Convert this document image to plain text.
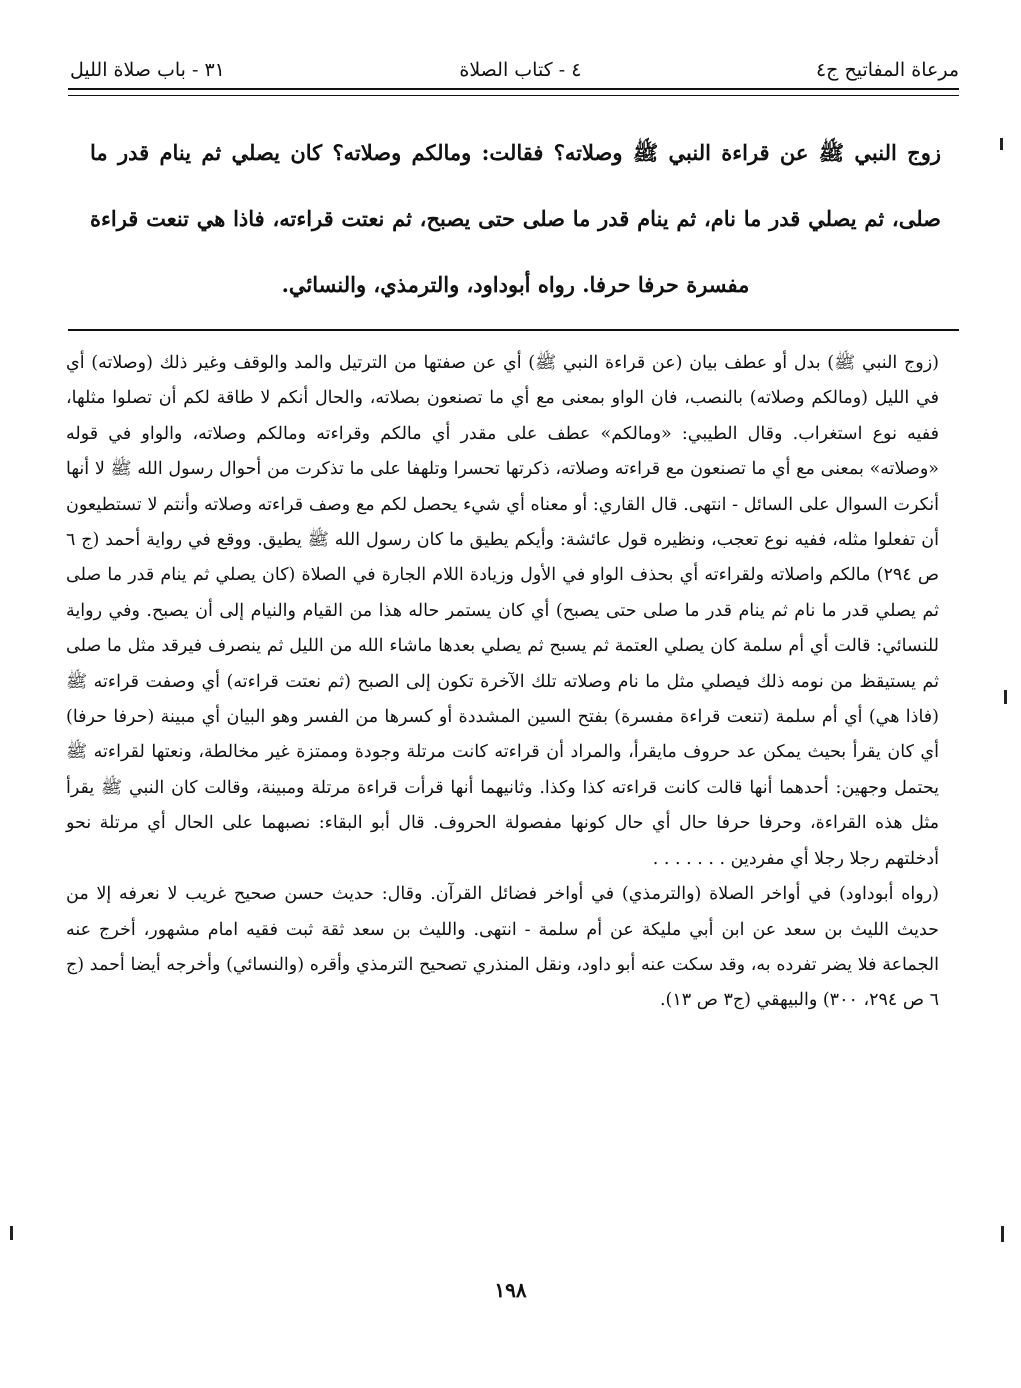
مرعاة المفاتيح ج٤
٤ - كتاب الصلاة
٣١ - باب صلاة الليل
زوج النبي ﷺ عن قراءة النبي ﷺ وصلاته؟ فقالت: ومالكم وصلاته؟ كان يصلي ثم ينام قدر ما صلى، ثم يصلي قدر ما نام، ثم ينام قدر ما صلى حتى يصبح، ثم نعتت قراءته، فاذا هي تنعت قراءة مفسرة حرفا حرفا. رواه أبوداود، والترمذي، والنسائي.

(زوج النبي ﷺ) بدل أو عطف بيان (عن قراءة النبي ﷺ) أي عن صفتها من الترتيل والمد والوقف وغير ذلك (وصلاته) أي في الليل (ومالكم وصلاته) بالنصب، فان الواو بمعنى مع أي ما تصنعون بصلاته، والحال أنكم لا طاقة لكم أن تصلوا مثلها، ففيه نوع استغراب. وقال الطيبي: «ومالكم» عطف على مقدر أي مالكم وقراءته ومالكم وصلاته، والواو في قوله «وصلاته» بمعنى مع أي ما تصنعون مع قراءته وصلاته، ذكرتها تحسرا وتلهفا على ما تذكرت من أحوال رسول الله ﷺ لا أنها أنكرت السوال على السائل - انتهى. قال القاري: أو معناه أي شيء يحصل لكم مع وصف قراءته وصلاته وأنتم لا تستطيعون أن تفعلوا مثله، ففيه نوع تعجب، ونظيره قول عائشة: وأيكم يطيق ما كان رسول الله ﷺ يطيق. ووقع في رواية أحمد (ج ٦ ص ٢٩٤) مالكم واصلاته ولقراءته أي بحذف الواو في الأول وزيادة اللام الجارة في الصلاة (كان يصلي ثم ينام قدر ما صلى ثم يصلي قدر ما نام ثم ينام قدر ما صلى حتى يصبح) أي كان يستمر حاله هذا من القيام والنيام إلى أن يصبح. وفي رواية للنسائي: قالت أي أم سلمة كان يصلي العتمة ثم يسبح ثم يصلي بعدها ماشاء الله من الليل ثم ينصرف فيرقد مثل ما صلى ثم يستيقظ من نومه ذلك فيصلي مثل ما نام وصلاته تلك الآخرة تكون إلى الصبح (ثم نعتت قراءته) أي وصفت قراءته ﷺ (فاذا هي) أي أم سلمة (تنعت قراءة مفسرة) بفتح السين المشددة أو كسرها من الفسر وهو البيان أي مبينة (حرفا حرفا) أي كان يقرأ بحيث يمكن عد حروف مايقرأ، والمراد أن قراءته كانت مرتلة وجودة وممتزة غير مخالطة، ونعتها لقراءته ﷺ يحتمل وجهين: أحدهما أنها قالت كانت قراءته كذا وكذا. وثانيهما أنها قرأت قراءة مرتلة ومبينة، وقالت كان النبي ﷺ يقرأ مثل هذه القراءة، وحرفا حرفا حال أي حال كونها مفصولة الحروف. قال أبو البقاء: نصبهما على الحال أي مرتلة نحو أدخلتهم رجلا رجلا أي مفردين . . . . . . .

(رواه أبوداود) في أواخر الصلاة (والترمذي) في أواخر فضائل القرآن. وقال: حديث حسن صحيح غريب لا نعرفه إلا من حديث الليث بن سعد عن ابن أبي مليكة عن أم سلمة - انتهى. والليث بن سعد ثقة ثبت فقيه امام مشهور، أخرج عنه الجماعة فلا يضر تفرده به، وقد سكت عنه أبو داود، ونقل المنذري تصحيح الترمذي وأقره (والنسائي) وأخرجه أيضا أحمد (ج ٦ ص ٢٩٤، ٣٠٠) والبيهقي (ج٣ ص ١٣).

١٩٨
